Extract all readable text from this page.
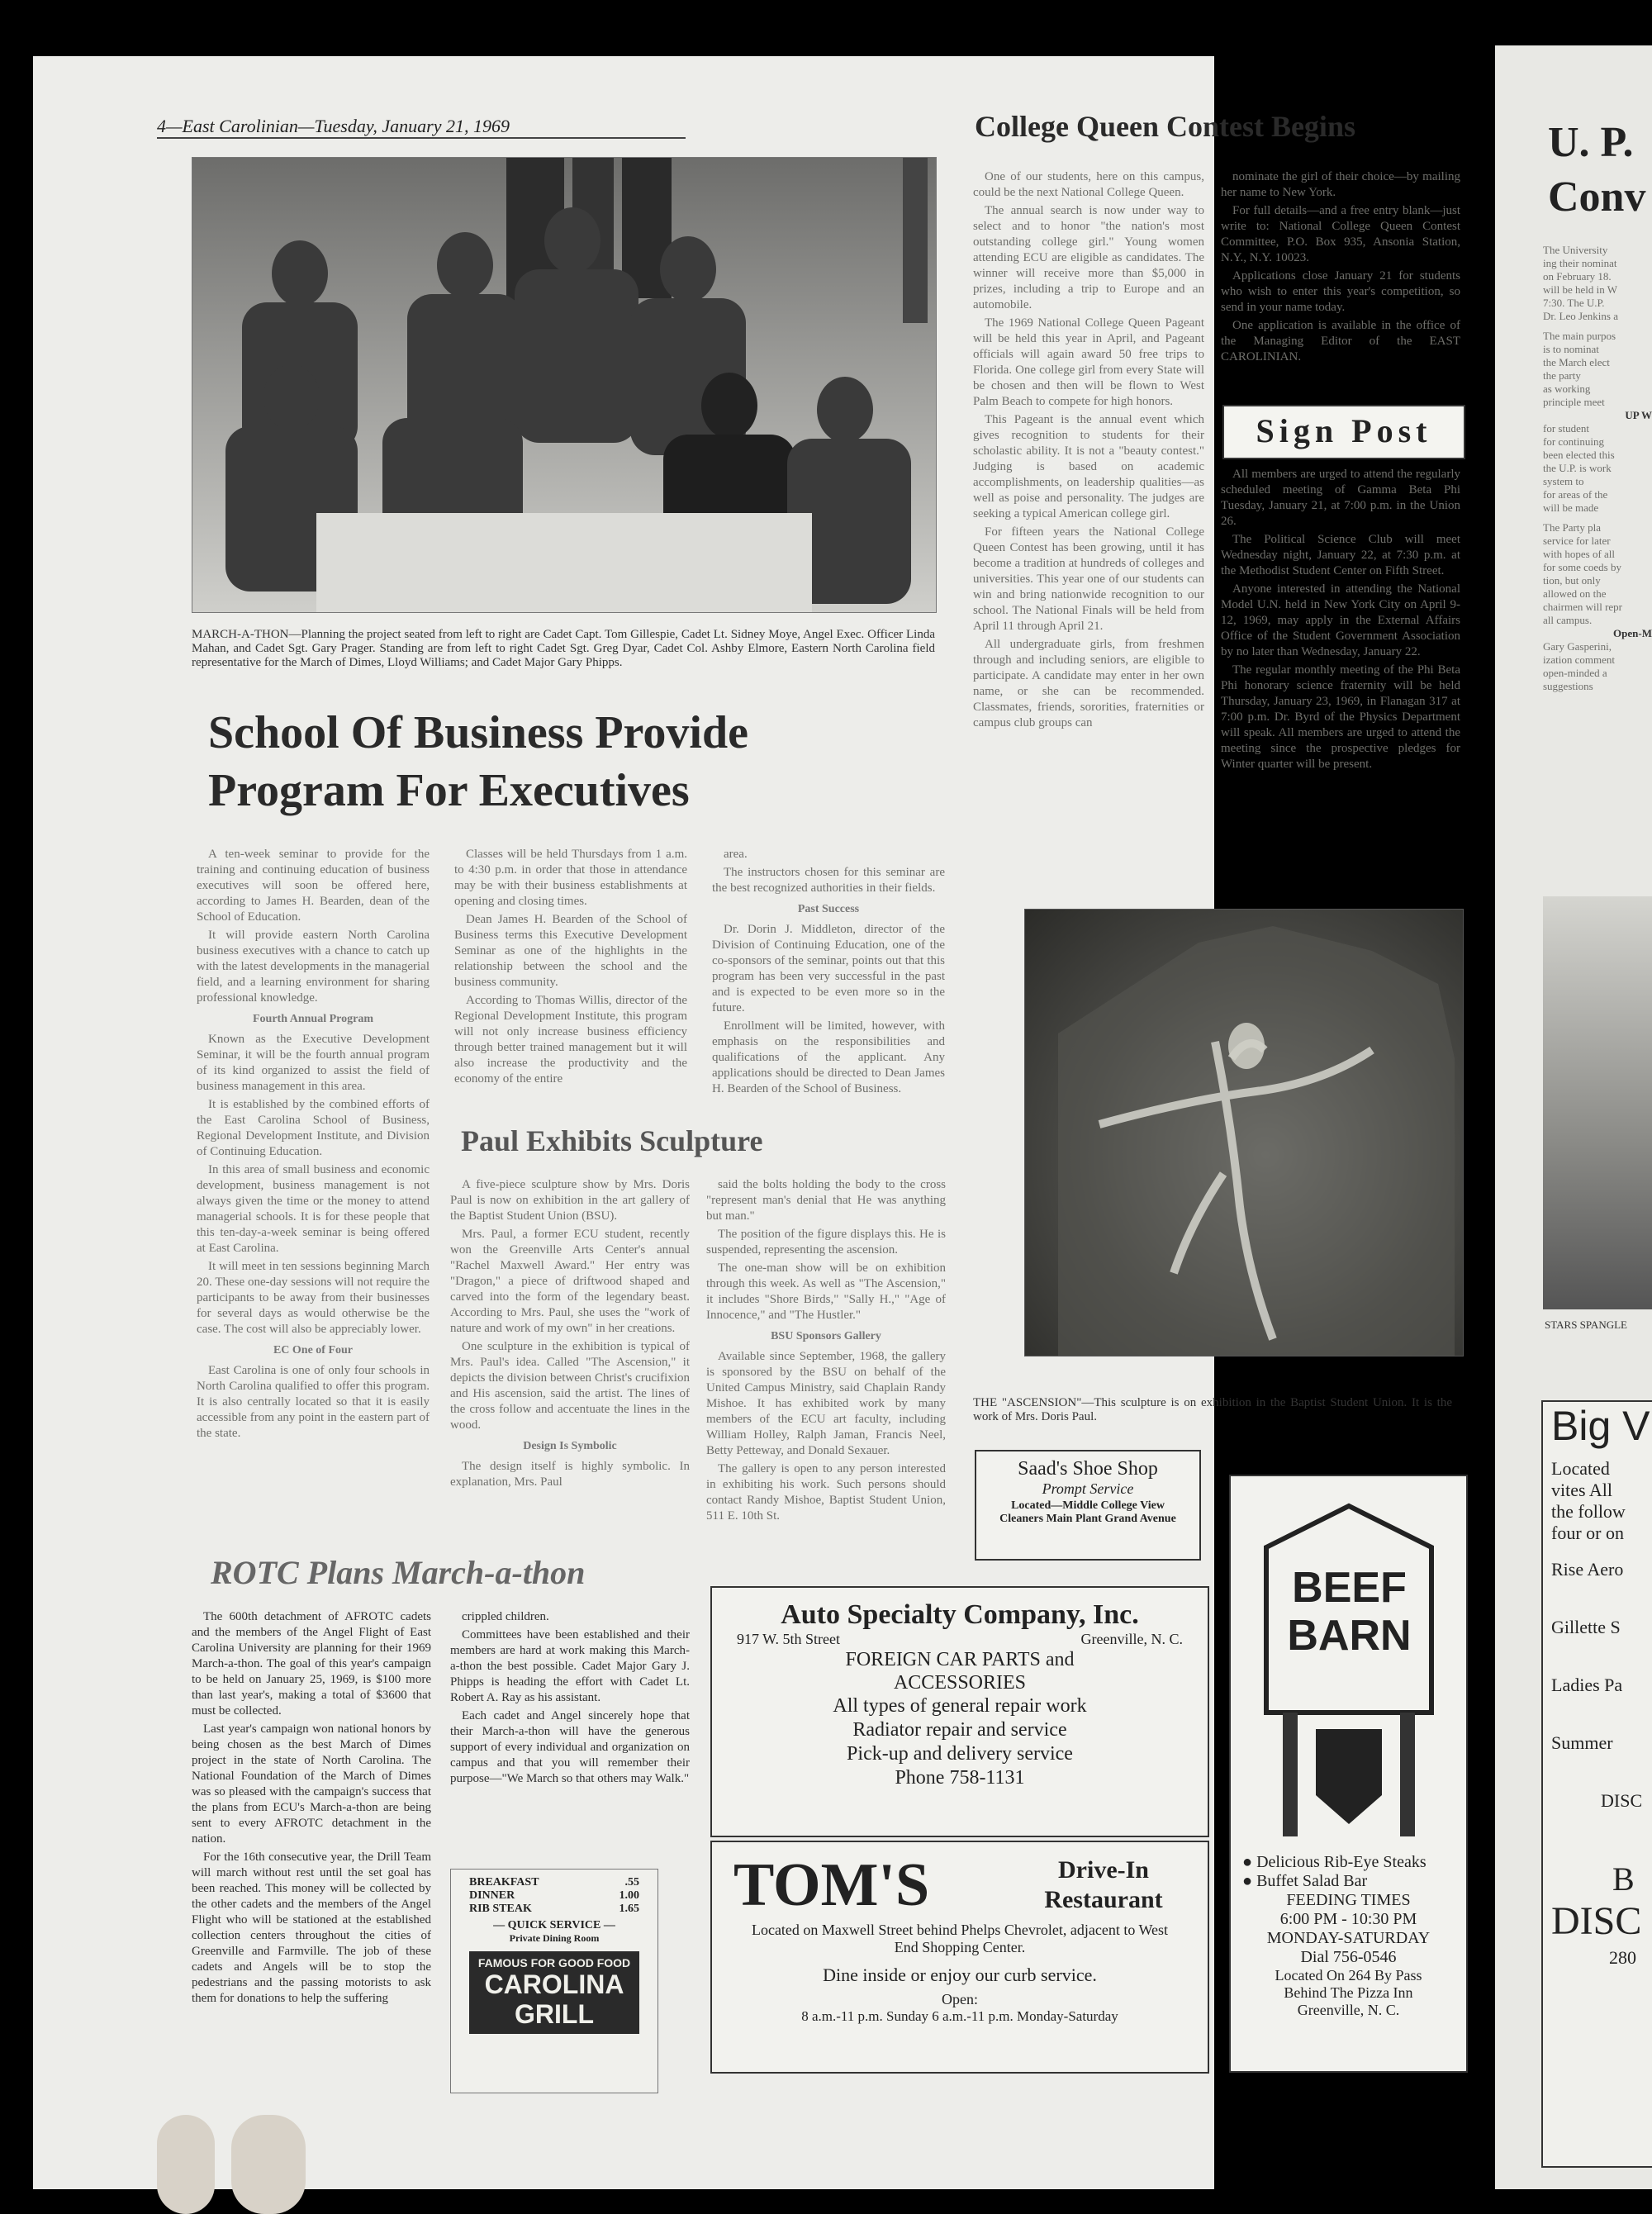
4—East Carolinian—Tuesday, January 21, 1969
MARCH-A-THON—Planning the project seated from left to right are Cadet Capt. Tom Gillespie, Cadet Lt. Sidney Moye, Angel Exec. Officer Linda Mahan, and Cadet Sgt. Gary Prager. Standing are from left to right Cadet Sgt. Greg Dyar, Cadet Col. Ashby Elmore, Eastern North Carolina field representative for the March of Dimes, Lloyd Williams; and Cadet Major Gary Phipps.
School Of Business Provide Program For Executives

A ten-week seminar to provide for the training and continuing education of business executives will soon be offered here, according to James H. Bearden, dean of the School of Education.

It will provide eastern North Carolina business executives with a chance to catch up with the latest developments in the managerial field, and a learning environment for sharing professional knowledge.

Fourth Annual Program

Known as the Executive Development Seminar, it will be the fourth annual program of its kind organized to assist the field of business management in this area.

It is established by the combined efforts of the East Carolina School of Business, Regional Development Institute, and Division of Continuing Education.

In this area of small business and economic development, business management is not always given the time or the money to attend managerial schools. It is for these people that this ten-day-a-week seminar is being offered at East Carolina.

It will meet in ten sessions beginning March 20. These one-day sessions will not require the participants to be away from their businesses for several days as would otherwise be the case. The cost will also be appreciably lower.

EC One of Four

East Carolina is one of only four schools in North Carolina qualified to offer this program. It is also centrally located so that it is easily accessible from any point in the eastern part of the state.

Classes will be held Thursdays from 1 a.m. to 4:30 p.m. in order that those in attendance may be with their business establishments at opening and closing times.

Dean James H. Bearden of the School of Business terms this Executive Development Seminar as one of the highlights in the relationship between the school and the business community.

According to Thomas Willis, director of the Regional Development Institute, this program will not only increase business efficiency through better trained management but it will also increase the productivity and the economy of the entire

area.

The instructors chosen for this seminar are the best recognized authorities in their fields.

Past Success

Dr. Dorin J. Middleton, director of the Division of Continuing Education, one of the co-sponsors of the seminar, points out that this program has been very successful in the past and is expected to be even more so in the future.

Enrollment will be limited, however, with emphasis on the responsibilities and qualifications of the applicant. Any applications should be directed to Dean James H. Bearden of the School of Business.

Paul Exhibits Sculpture

A five-piece sculpture show by Mrs. Doris Paul is now on exhibition in the art gallery of the Baptist Student Union (BSU).

Mrs. Paul, a former ECU student, recently won the Greenville Arts Center's annual "Rachel Maxwell Award." Her entry was "Dragon," a piece of driftwood shaped and carved into the form of the legendary beast. According to Mrs. Paul, she uses the "work of nature and work of my own" in her creations.

One sculpture in the exhibition is typical of Mrs. Paul's idea. Called "The Ascension," it depicts the division between Christ's crucifixion and His ascension, said the artist. The lines of the cross follow and accentuate the lines in the wood.

Design Is Symbolic

The design itself is highly symbolic. In explanation, Mrs. Paul

said the bolts holding the body to the cross "represent man's denial that He was anything but man."

The position of the figure displays this. He is suspended, representing the ascension.

The one-man show will be on exhibition through this week. As well as "The Ascension," it includes "Shore Birds," "Sally H.," "Age of Innocence," and "The Hustler."

BSU Sponsors Gallery

Available since September, 1968, the gallery is sponsored by the BSU on behalf of the United Campus Ministry, said Chaplain Randy Mishoe. It has exhibited work by many members of the ECU art faculty, including William Holley, Ralph Jaman, Francis Neel, Betty Petteway, and Donald Sexauer.

The gallery is open to any person interested in exhibiting his work. Such persons should contact Randy Mishoe, Baptist Student Union, 511 E. 10th St.

ROTC Plans March-a-thon

The 600th detachment of AFROTC cadets and the members of the Angel Flight of East Carolina University are planning for their 1969 March-a-thon. The goal of this year's campaign to be held on January 25, 1969, is $100 more than last year's, making a total of $3600 that must be collected.

Last year's campaign won national honors by being chosen as the best March of Dimes project in the state of North Carolina. The National Foundation of the March of Dimes was so pleased with the campaign's success that the plans from ECU's March-a-thon are being sent to every AFROTC detachment in the nation.

For the 16th consecutive year, the Drill Team will march without rest until the set goal has been reached. This money will be collected by the other cadets and the members of the Angel Flight who will be stationed at the established collection centers throughout the cities of Greenville and Farmville. The job of these cadets and Angels will be to stop the pedestrians and the passing motorists to ask them for donations to help the suffering

crippled children.

Committees have been established and their members are hard at work making this March-a-thon the best possible. Cadet Major Gary J. Phipps is heading the effort with Cadet Lt. Robert A. Ray as his assistant.

Each cadet and Angel sincerely hope that their March-a-thon will have the generous support of every individual and organization on campus and that you will remember their purpose—"We March so that others may Walk."

BREAKFAST	.55
DINNER	1.00
RIB STEAK	1.65
— QUICK SERVICE —
Private Dining Room
FAMOUS FOR GOOD FOOD
CAROLINA GRILL
College Queen Contest Begins

One of our students, here on this campus, could be the next National College Queen.

The annual search is now under way to select and to honor "the nation's most outstanding college girl." Young women attending ECU are eligible as candidates. The winner will receive more than $5,000 in prizes, including a trip to Europe and an automobile.

The 1969 National College Queen Pageant will be held this year in April, and Pageant officials will again award 50 free trips to Florida. One college girl from every State will be chosen and then will be flown to West Palm Beach to compete for high honors.

This Pageant is the annual event which gives recognition to students for their scholastic ability. It is not a "beauty contest." Judging is based on academic accomplishments, on leadership qualities—as well as poise and personality. The judges are seeking a typical American college girl.

For fifteen years the National College Queen Contest has been growing, until it has become a tradition at hundreds of colleges and universities. This year one of our students can win and bring nationwide recognition to our school. The National Finals will be held from April 11 through April 21.

All undergraduate girls, from freshmen through and including seniors, are eligible to participate. A candidate may enter in her own name, or she can be recommended. Classmates, friends, sororities, fraternities or campus club groups can

nominate the girl of their choice—by mailing her name to New York.

For full details—and a free entry blank—just write to: National College Queen Contest Committee, P.O. Box 935, Ansonia Station, N.Y., N.Y. 10023.

Applications close January 21 for students who wish to enter this year's competition, so send in your name today.

One application is available in the office of the Managing Editor of the EAST CAROLINIAN.

Sign Post

All members are urged to attend the regularly scheduled meeting of Gamma Beta Phi Tuesday, January 21, at 7:00 p.m. in the Union 26.

The Political Science Club will meet Wednesday night, January 22, at 7:30 p.m. at the Methodist Student Center on Fifth Street.

Anyone interested in attending the National Model U.N. held in New York City on April 9-12, 1969, may apply in the External Affairs Office of the Student Government Association by no later than Wednesday, January 22.

The regular monthly meeting of the Phi Beta Phi honorary science fraternity will be held Thursday, January 23, 1969, in Flanagan 317 at 7:00 p.m. Dr. Byrd of the Physics Department will speak. All members are urged to attend the meeting since the prospective pledges for Winter quarter will be present.

THE "ASCENSION"—This sculpture is on exhibition in the Baptist Student Union. It is the work of Mrs. Doris Paul.
Saad's Shoe Shop
Prompt Service
Located—Middle College View Cleaners Main Plant Grand Avenue
Auto Specialty Company, Inc.
917 W. 5th Street	Greenville, N. C.
FOREIGN CAR PARTS and ACCESSORIES
All types of general repair work
Radiator repair and service
Pick-up and delivery service
Phone 758-1131
TOM'S	Drive-In Restaurant
Located on Maxwell Street behind Phelps Chevrolet, adjacent to West End Shopping Center.
Dine inside or enjoy our curb service.
Open:
8 a.m.-11 p.m. Sunday 6 a.m.-11 p.m. Monday-Saturday
BEEF BARN
● Delicious Rib-Eye Steaks
● Buffet Salad Bar
FEEDING TIMES
6:00 PM - 10:30 PM
MONDAY-SATURDAY
Dial 756-0546
Located On 264 By Pass Behind The Pizza Inn Greenville, N. C.
U. P. Conv
The University
ing their nominat
on February 18.
will be held in W
7:30. The U.P.
Dr. Leo Jenkins a
The main purpos
is to nominat
the March elect
the party
as working
principle meet
UP W
for student
for continuing
been elected this
the U.P. is work
system to
for areas of the
will be made
The Party pla
service for later
with hopes of all
for some coeds by
tion, but only
allowed on the
chairmen will repr
all campus.
Open-M
Gary Gasperini,
ization comment
open-minded a
suggestions
STARS SPANGLE
Big V
Located
vites All
the follow
four or on
Rise Aero
Gillette S
Ladies Pa
Summer
DISC
B
DISC
280
